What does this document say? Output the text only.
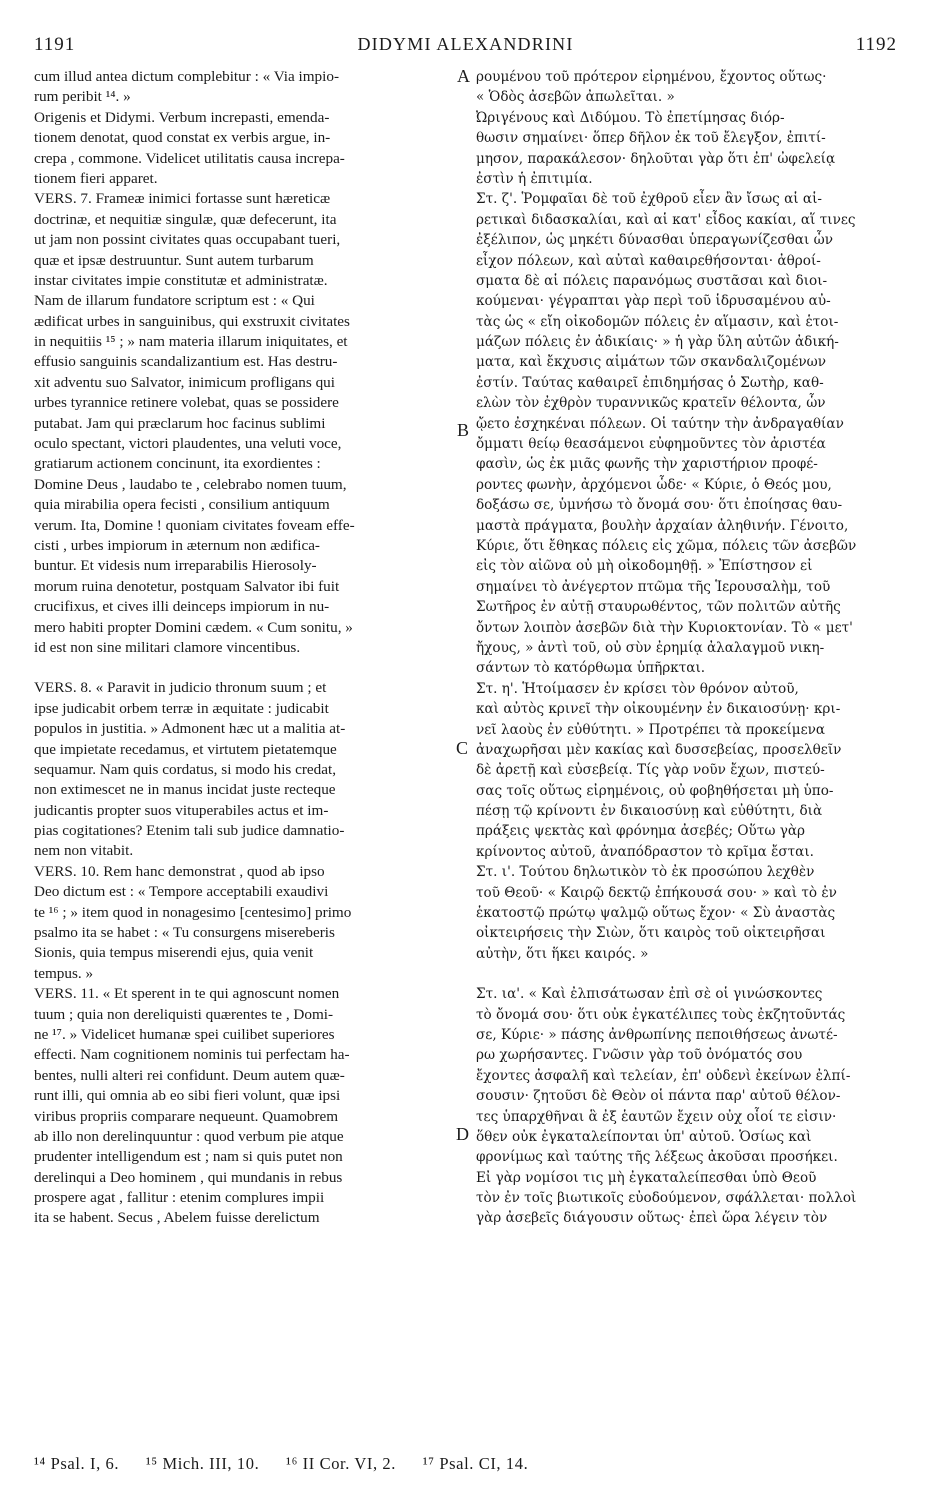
1191	DIDYMI ALEXANDRINI	1192
cum illud antea dictum complebitur : « Via impio-
rum peribit ¹⁴. »
Origenis et Didymi. Verbum increpasti, emenda-
tionem denotat, quod constat ex verbis argue, in-
crepa , commone. Videlicet utilitatis causa increpa-
tionem fieri apparet.
VERS. 7. Frameæ inimici fortasse sunt hæreticæ
doctrinæ, et nequitiæ singulæ, quæ defecerunt, ita
ut jam non possint civitates quas occupabant tueri,
quæ et ipsæ destruuntur. Sunt autem turbarum
instar civitates impie constitutæ et administratæ.
Nam de illarum fundatore scriptum est : « Qui
ædificat urbes in sanguinibus, qui exstruxit civitates
in nequitiis ¹⁵ ; » nam materia illarum iniquitates, et
effusio sanguinis scandalizantium est. Has destru-
xit adventu suo Salvator, inimicum profligans qui
urbes tyrannice retinere volebat, quas se possidere
putabat. Jam qui præclarum hoc facinus sublimi
oculo spectant, victori plaudentes, una veluti voce,
gratiarum actionem concinunt, ita exordientes :
Domine Deus , laudabo te , celebrabo nomen tuum,
quia mirabilia opera fecisti , consilium antiquum
verum. Ita, Domine ! quoniam civitates foveam effe-
cisti , urbes impiorum in æternum non ædifica-
buntur. Et videsis num irreparabilis Hierosoly-
morum ruina denotetur, postquam Salvator ibi fuit
crucifixus, et cives illi deinceps impiorum in nu-
mero habiti propter Domini cædem. « Cum sonitu, »
id est non sine militari clamore vincentibus.
VERS. 8. « Paravit in judicio thronum suum ; et
ipse judicabit orbem terræ in æquitate : judicabit
populos in justitia. » Admonent hæc ut a malitia at-
que impietate recedamus, et virtutem pietatemque
sequamur. Nam quis cordatus, si modo his credat,
non extimescet ne in manus incidat juste recteque
judicantis propter suos vituperabiles actus et im-
pias cogitationes? Etenim tali sub judice damnatio-
nem non vitabit.
VERS. 10. Rem hanc demonstrat , quod ab ipso
Deo dictum est : « Tempore acceptabili exaudivi
te ¹⁶ ; » item quod in nonagesimo [centesimo] primo
psalmo ita se habet : « Tu consurgens misereberis
Sionis, quia tempus miserendi ejus, quia venit
tempus. »
VERS. 11. « Et sperent in te qui agnoscunt nomen
tuum ; quia non dereliquisti quærentes te , Domi-
ne ¹⁷. » Videlicet humanæ spei cuilibet superiores
effecti. Nam cognitionem nominis tui perfectam ha-
bentes, nulli alteri rei confidunt. Deum autem quæ-
runt illi, qui omnia ab eo sibi fieri volunt, quæ ipsi
viribus propriis comparare nequeunt. Quamobrem
ab illo non derelinquuntur : quod verbum pie atque
prudenter intelligendum est ; nam si quis putet non
derelinqui a Deo hominem , qui mundanis in rebus
prospere agat , fallitur : etenim complures impii
ita se habent. Secus , Abelem fuisse derelictum
ρουμένου τοῦ πρότερον εἰρημένου, ἔχοντος οὕτως·
« Ὁδὸς ἀσεβῶν ἀπωλεῖται. »
Ὠριγένους καὶ Διδύμου. Τὸ ἐπετίμησας διόρ-
θωσιν σημαίνει· ὅπερ δῆλον ἐκ τοῦ ἔλεγξον, ἐπιτί-
μησον, παρακάλεσον· δηλοῦται γὰρ ὅτι ἐπ' ὠφελείᾳ
ἐστὶν ἡ ἐπιτιμία.
Στ. ζ'. Ῥομφαῖαι δὲ τοῦ ἐχθροῦ εἶεν ἂν ἴσως αἱ αἱ-
ρετικαὶ διδασκαλίαι, καὶ αἱ κατ' εἶδος κακίαι, αἵ τινες
ἐξέλιπον, ὡς μηκέτι δύνασθαι ὑπεραγωνίζεσθαι ὧν
εἶχον πόλεων, καὶ αὐταὶ καθαιρεθήσονται· ἀθροί-
σματα δὲ αἱ πόλεις παρανόμως συστᾶσαι καὶ διοι-
κούμεναι· γέγραπται γὰρ περὶ τοῦ ἱδρυσαμένου αὐ-
τὰς ὡς « εἴη οἰκοδομῶν πόλεις ἐν αἵμασιν, καὶ ἑτοι-
μάζων πόλεις ἐν ἀδικίαις· » ἡ γὰρ ὕλη αὐτῶν ἀδική-
ματα, καὶ ἔκχυσις αἱμάτων τῶν σκανδαλιζομένων
ἐστίν. Ταύτας καθαιρεῖ ἐπιδημήσας ὁ Σωτὴρ, καθ-
ελὼν τὸν ἐχθρὸν τυραννικῶς κρατεῖν θέλοντα, ὧν
ᾤετο ἐσχηκέναι πόλεων. Οἱ ταύτην τὴν ἀνδραγαθίαν
ὄμματι θείῳ θεασάμενοι εὐφημοῦντες τὸν ἀριστέα
φασὶν, ὡς ἐκ μιᾶς φωνῆς τὴν χαριστήριον προφέ-
ροντες φωνὴν, ἀρχόμενοι ὧδε· « Κύριε, ὁ Θεός μου,
δοξάσω σε, ὑμνήσω τὸ ὄνομά σου· ὅτι ἐποίησας θαυ-
μαστὰ πράγματα, βουλὴν ἀρχαίαν ἀληθινήν. Γένοιτο,
Κύριε, ὅτι ἔθηκας πόλεις εἰς χῶμα, πόλεις τῶν ἀσεβῶν
εἰς τὸν αἰῶνα οὐ μὴ οἰκοδομηθῇ. » Ἐπίστησον εἰ
σημαίνει τὸ ἀνέγερτον πτῶμα τῆς Ἱερουσαλὴμ, τοῦ
Σωτῆρος ἐν αὐτῇ σταυρωθέντος, τῶν πολιτῶν αὐτῆς
ὄντων λοιπὸν ἀσεβῶν διὰ τὴν Κυριοκτονίαν. Τὸ « μετ'
ἤχους, » ἀντὶ τοῦ, οὐ σὺν ἐρημίᾳ ἀλαλαγμοῦ νικη-
σάντων τὸ κατόρθωμα ὑπῆρκται.
Στ. η'. Ἡτοίμασεν ἐν κρίσει τὸν θρόνον αὐτοῦ,
καὶ αὐτὸς κρινεῖ τὴν οἰκουμένην ἐν δικαιοσύνῃ· κρι-
νεῖ λαοὺς ἐν εὐθύτητι. » Προτρέπει τὰ προκείμενα
ἀναχωρῆσαι μὲν κακίας καὶ δυσσεβείας, προσελθεῖν
δὲ ἀρετῇ καὶ εὐσεβείᾳ. Τίς γὰρ νοῦν ἔχων, πιστεύ-
σας τοῖς οὕτως εἰρημένοις, οὐ φοβηθήσεται μὴ ὑπο-
πέσῃ τῷ κρίνοντι ἐν δικαιοσύνῃ καὶ εὐθύτητι, διὰ
πράξεις ψεκτὰς καὶ φρόνημα ἀσεβές; Οὕτω γὰρ
κρίνοντος αὐτοῦ, ἀναπόδραστον τὸ κρῖμα ἔσται.
Στ. ι'. Τούτου δηλωτικὸν τὸ ἐκ προσώπου λεχθὲν
τοῦ Θεοῦ· « Καιρῷ δεκτῷ ἐπήκουσά σου· » καὶ τὸ ἐν
ἑκατοστῷ πρώτῳ ψαλμῷ οὕτως ἔχον· « Σὺ ἀναστὰς
οἰκτειρήσεις τὴν Σιὼν, ὅτι καιρὸς τοῦ οἰκτειρῆσαι
αὐτὴν, ὅτι ἥκει καιρός. »
Στ. ια'. « Καὶ ἐλπισάτωσαν ἐπὶ σὲ οἱ γινώσκοντες
τὸ ὄνομά σου· ὅτι οὐκ ἐγκατέλιπες τοὺς ἐκζητοῦντάς
σε, Κύριε· » πάσης ἀνθρωπίνης πεποιθήσεως ἀνωτέ-
ρω χωρήσαντες. Γνῶσιν γὰρ τοῦ ὀνόματός σου
ἔχοντες ἀσφαλῆ καὶ τελείαν, ἐπ' οὐδενὶ ἐκείνων ἐλπί-
σουσιν· ζητοῦσι δὲ Θεὸν οἱ πάντα παρ' αὐτοῦ θέλον-
τες ὑπαρχθῆναι ἃ ἐξ ἑαυτῶν ἔχειν οὐχ οἷοί τε εἰσιν·
ὅθεν οὐκ ἐγκαταλείπονται ὑπ' αὐτοῦ. Ὁσίως καὶ
φρονίμως καὶ ταύτης τῆς λέξεως ἀκοῦσαι προσήκει.
Εἰ γὰρ νομίσοι τις μὴ ἐγκαταλείπεσθαι ὑπὸ Θεοῦ
τὸν ἐν τοῖς βιωτικοῖς εὐοδούμενον, σφάλλεται· πολλοὶ
γὰρ ἀσεβεῖς διάγουσιν οὕτως· ἐπεὶ ὥρα λέγειν τὸν
A
B
C
D
¹⁴ Psal. I, 6. ¹⁵ Mich. III, 10. ¹⁶ II Cor. VI, 2. ¹⁷ Psal. CI, 14.
